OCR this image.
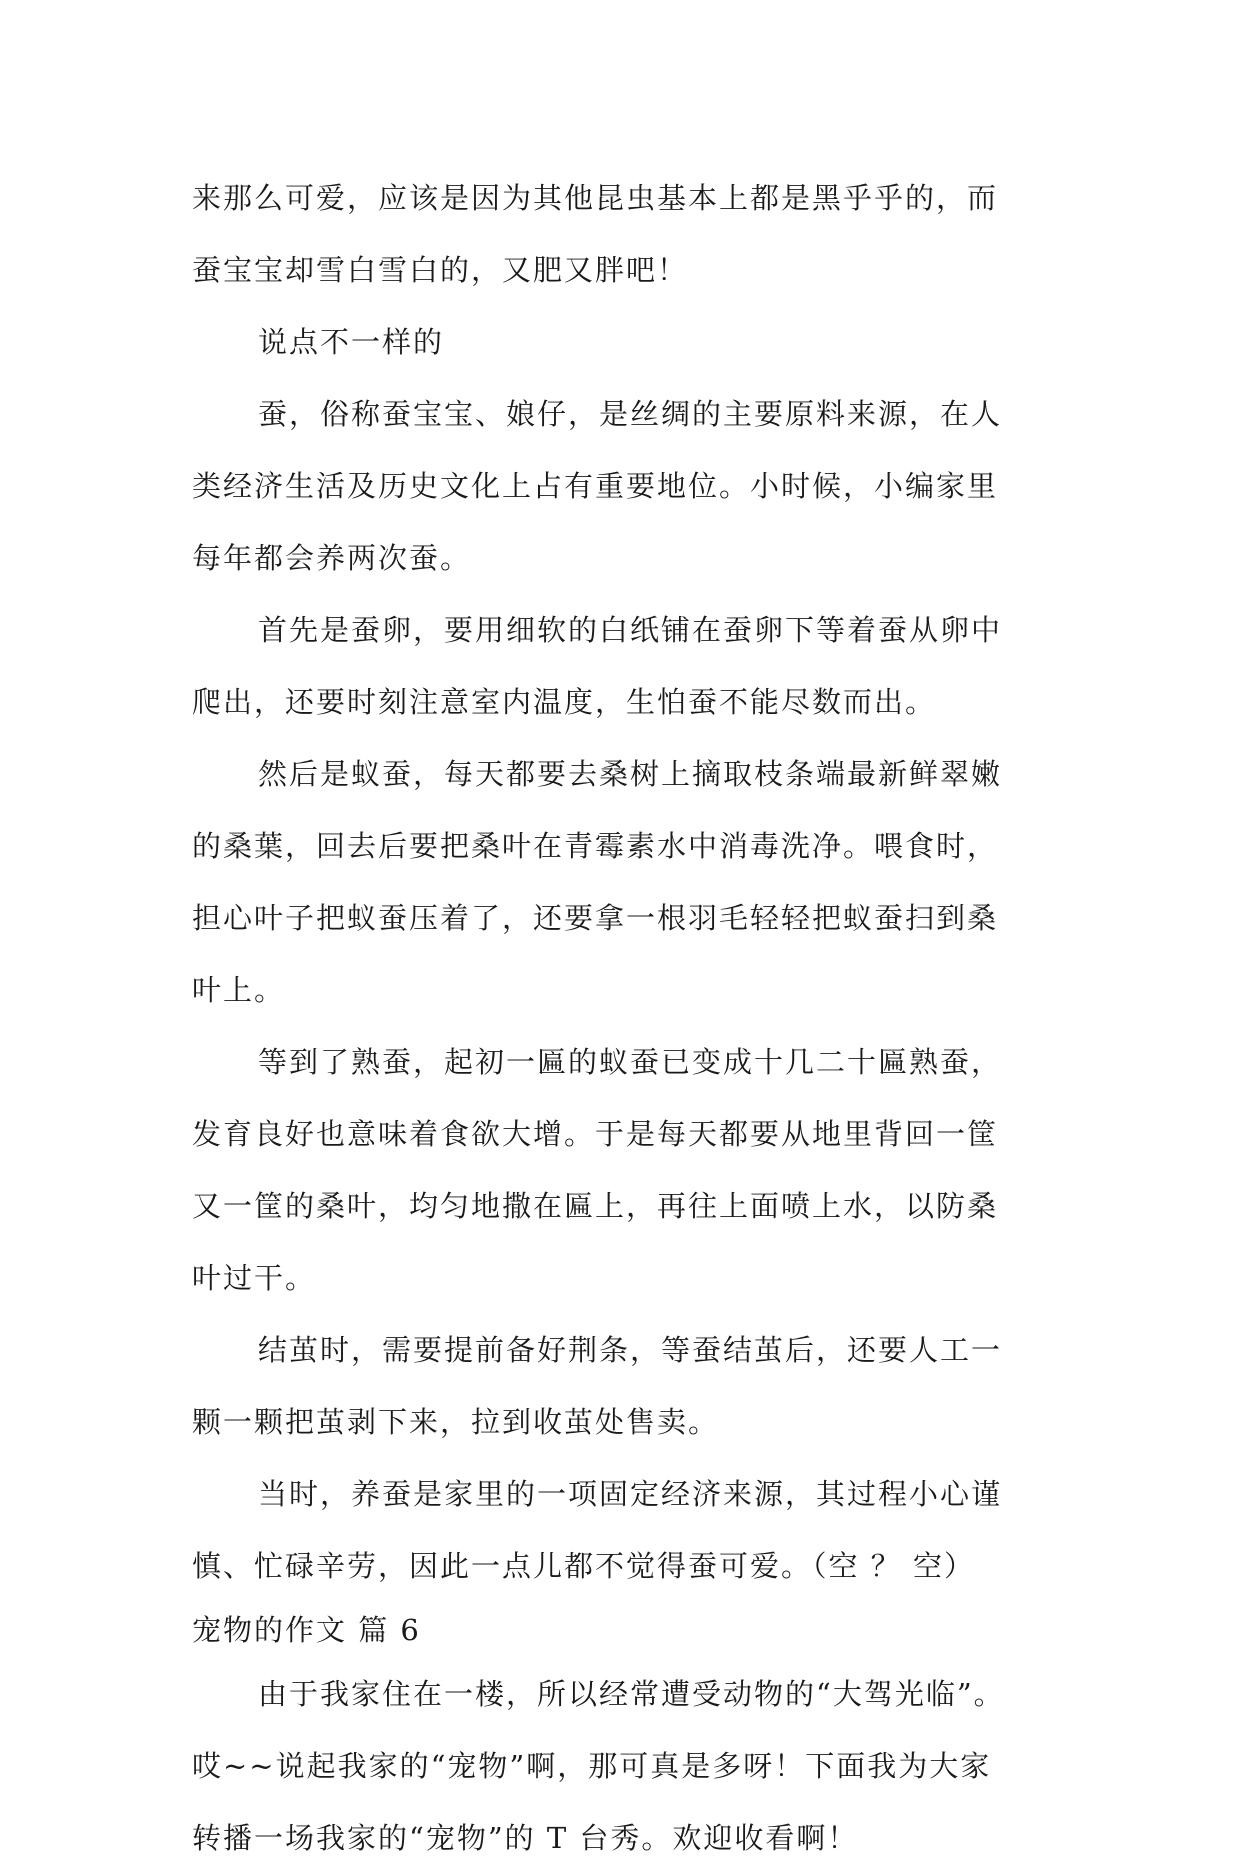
来那么可爱，应该是因为其他昆虫基本上都是黑乎乎的，而
蚕宝宝却雪白雪白的，又肥又胖吧！
说点不一样的
蚕，俗称蚕宝宝、娘仔，是丝绸的主要原料来源，在人
类经济生活及历史文化上占有重要地位。小时候，小编家里
每年都会养两次蚕。
首先是蚕卵，要用细软的白纸铺在蚕卵下等着蚕从卵中
爬出，还要时刻注意室内温度，生怕蚕不能尽数而出。
然后是蚁蚕，每天都要去桑树上摘取枝条端最新鲜翠嫩
的桑葉，回去后要把桑叶在青霉素水中消毒洗净。喂食时，
担心叶子把蚁蚕压着了，还要拿一根羽毛轻轻把蚁蚕扫到桑
叶上。
等到了熟蚕，起初一匾的蚁蚕已变成十几二十匾熟蚕，
发育良好也意味着食欲大增。于是每天都要从地里背回一筐
又一筐的桑叶，均匀地撒在匾上，再往上面喷上水，以防桑
叶过干。
结茧时，需要提前备好荆条，等蚕结茧后，还要人工一
颗一颗把茧剥下来，拉到收茧处售卖。
当时，养蚕是家里的一项固定经济来源，其过程小心谨
慎、忙碌辛劳，因此一点儿都不觉得蚕可爱。（空 ？ 空）
宠物的作文 篇 6
由于我家住在一楼，所以经常遭受动物的“大驾光临”。
哎~~说起我家的“宠物”啊，那可真是多呀！下面我为大家
转播一场我家的“宠物”的 T 台秀。欢迎收看啊！
